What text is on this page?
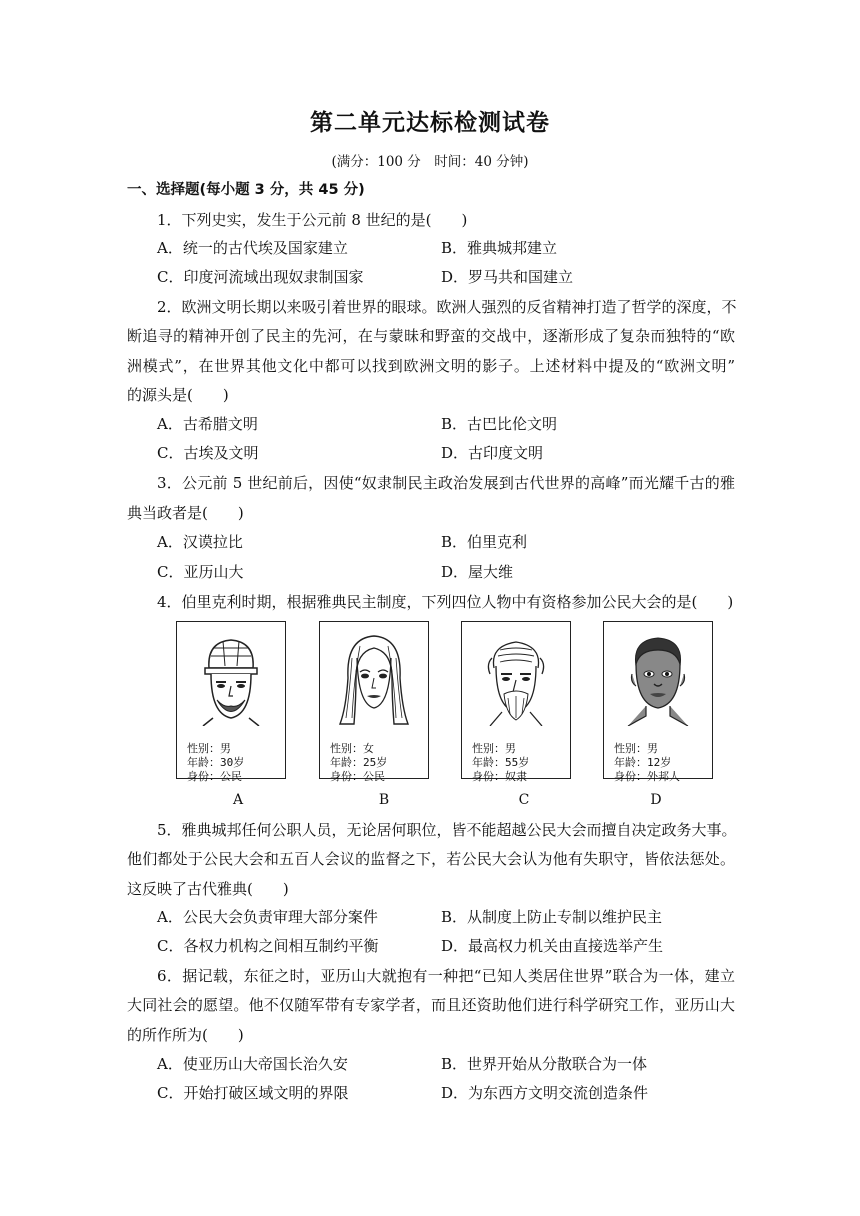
第二单元达标检测试卷
(满分：100 分　时间：40 分钟)
一、选择题(每小题 3 分，共 45 分)
1．下列史实，发生于公元前 8 世纪的是(　　)
A．统一的古代埃及国家建立	B．雅典城邦建立
C．印度河流域出现奴隶制国家	D．罗马共和国建立
2．欧洲文明长期以来吸引着世界的眼球。欧洲人强烈的反省精神打造了哲学的深度，不
断追寻的精神开创了民主的先河，在与蒙昧和野蛮的交战中，逐渐形成了复杂而独特的“欧
洲模式”，在世界其他文化中都可以找到欧洲文明的影子。上述材料中提及的“欧洲文明”
的源头是(　　)
A．古希腊文明	B．古巴比伦文明
C．古埃及文明	D．古印度文明
3．公元前 5 世纪前后，因使“奴隶制民主政治发展到古代世界的高峰”而光耀千古的雅
典当政者是(　　)
A．汉谟拉比	B．伯里克利
C．亚历山大	D．屋大维
4．伯里克利时期，根据雅典民主制度，下列四位人物中有资格参加公民大会的是(　　)
性别：男
年龄：30岁
身份：公民
性别：女
年龄：25岁
身份：公民
性别：男
年龄：55岁
身份：奴隶
性别：男
年龄：12岁
身份：外邦人
A	B	C	D
5．雅典城邦任何公职人员，无论居何职位，皆不能超越公民大会而擅自决定政务大事。
他们都处于公民大会和五百人会议的监督之下，若公民大会认为他有失职守，皆依法惩处。
这反映了古代雅典(　　)
A．公民大会负责审理大部分案件	B．从制度上防止专制以维护民主
C．各权力机构之间相互制约平衡	D．最高权力机关由直接选举产生
6．据记载，东征之时，亚历山大就抱有一种把“已知人类居住世界”联合为一体，建立
大同社会的愿望。他不仅随军带有专家学者，而且还资助他们进行科学研究工作，亚历山大
的所作所为(　　)
A．使亚历山大帝国长治久安	B．世界开始从分散联合为一体
C．开始打破区域文明的界限	D．为东西方文明交流创造条件
